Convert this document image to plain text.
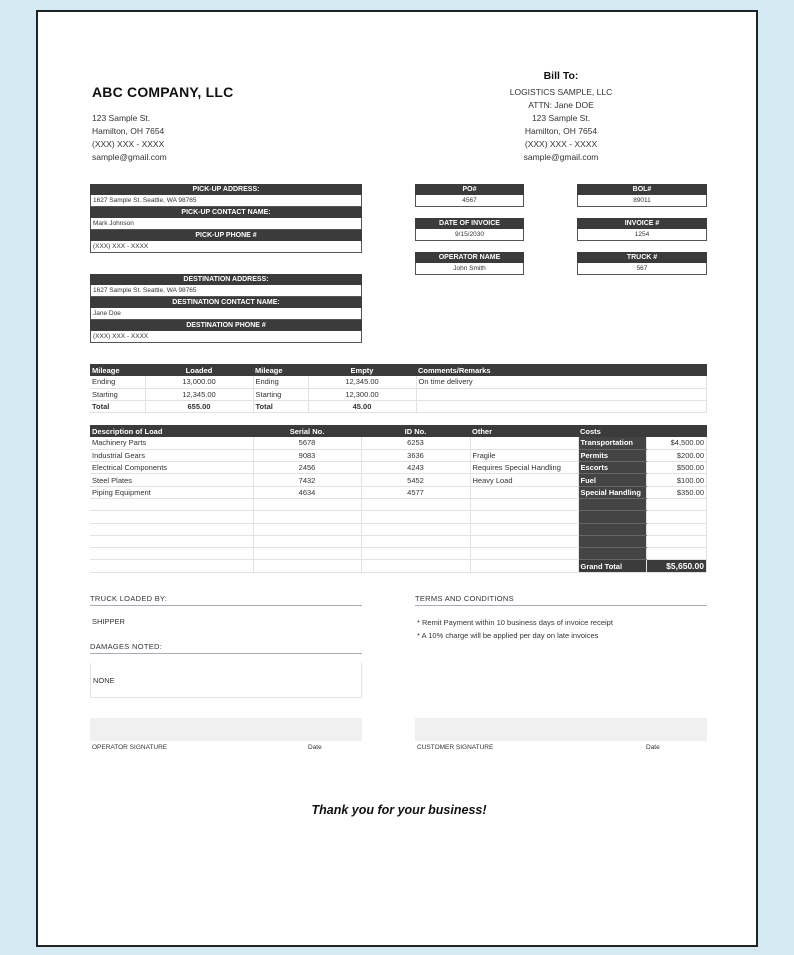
ABC COMPANY, LLC
123 Sample St.
Hamilton, OH 7654
(XXX) XXX - XXXX
sample@gmail.com
Bill To:
LOGISTICS SAMPLE, LLC
ATTN: Jane DOE
123 Sample St.
Hamilton, OH 7654
(XXX) XXX - XXXX
sample@gmail.com
PICK-UP ADDRESS:
1627 Sample St. Seattle, WA 98765
PICK-UP CONTACT NAME:
Mark Johnson
PICK-UP PHONE #
(XXX) XXX - XXXX
DESTINATION ADDRESS:
1627 Sample St. Seattle, WA 98765
DESTINATION CONTACT NAME:
Jane Doe
DESTINATION PHONE #
(XXX) XXX - XXXX
PO#
4567
BOL#
89011
DATE OF INVOICE
9/15/2030
INVOICE #
1254
OPERATOR NAME
John Smith
TRUCK #
567
Mileage	Loaded	Mileage	Empty	Comments/Remarks
Ending	13,000.00	Ending	12,345.00	On time delivery
Starting	12,345.00	Starting	12,300.00	
Total	655.00	Total	45.00	
Description of Load	Serial No.	ID No.	Other	Costs	
Machinery Parts	5678	6253		Transportation	$4,500.00
Industrial Gears	9083	3636	Fragile	Permits	$200.00
Electrical Components	2456	4243	Requires Special Handling	Escorts	$500.00
Steel Plates	7432	5452	Heavy Load	Fuel	$100.00
Piping Equipment	4634	4577		Special Handling	$350.00

				Grand Total	$5,650.00
TRUCK LOADED BY:
SHIPPER
DAMAGES NOTED:
NONE
TERMS AND CONDITIONS
* Remit Payment within 10 business days of invoice receipt
* A 10% charge will be applied per day on late invoices
OPERATOR SIGNATURE	Date	CUSTOMER SIGNATURE	Date
Thank you for your business!
